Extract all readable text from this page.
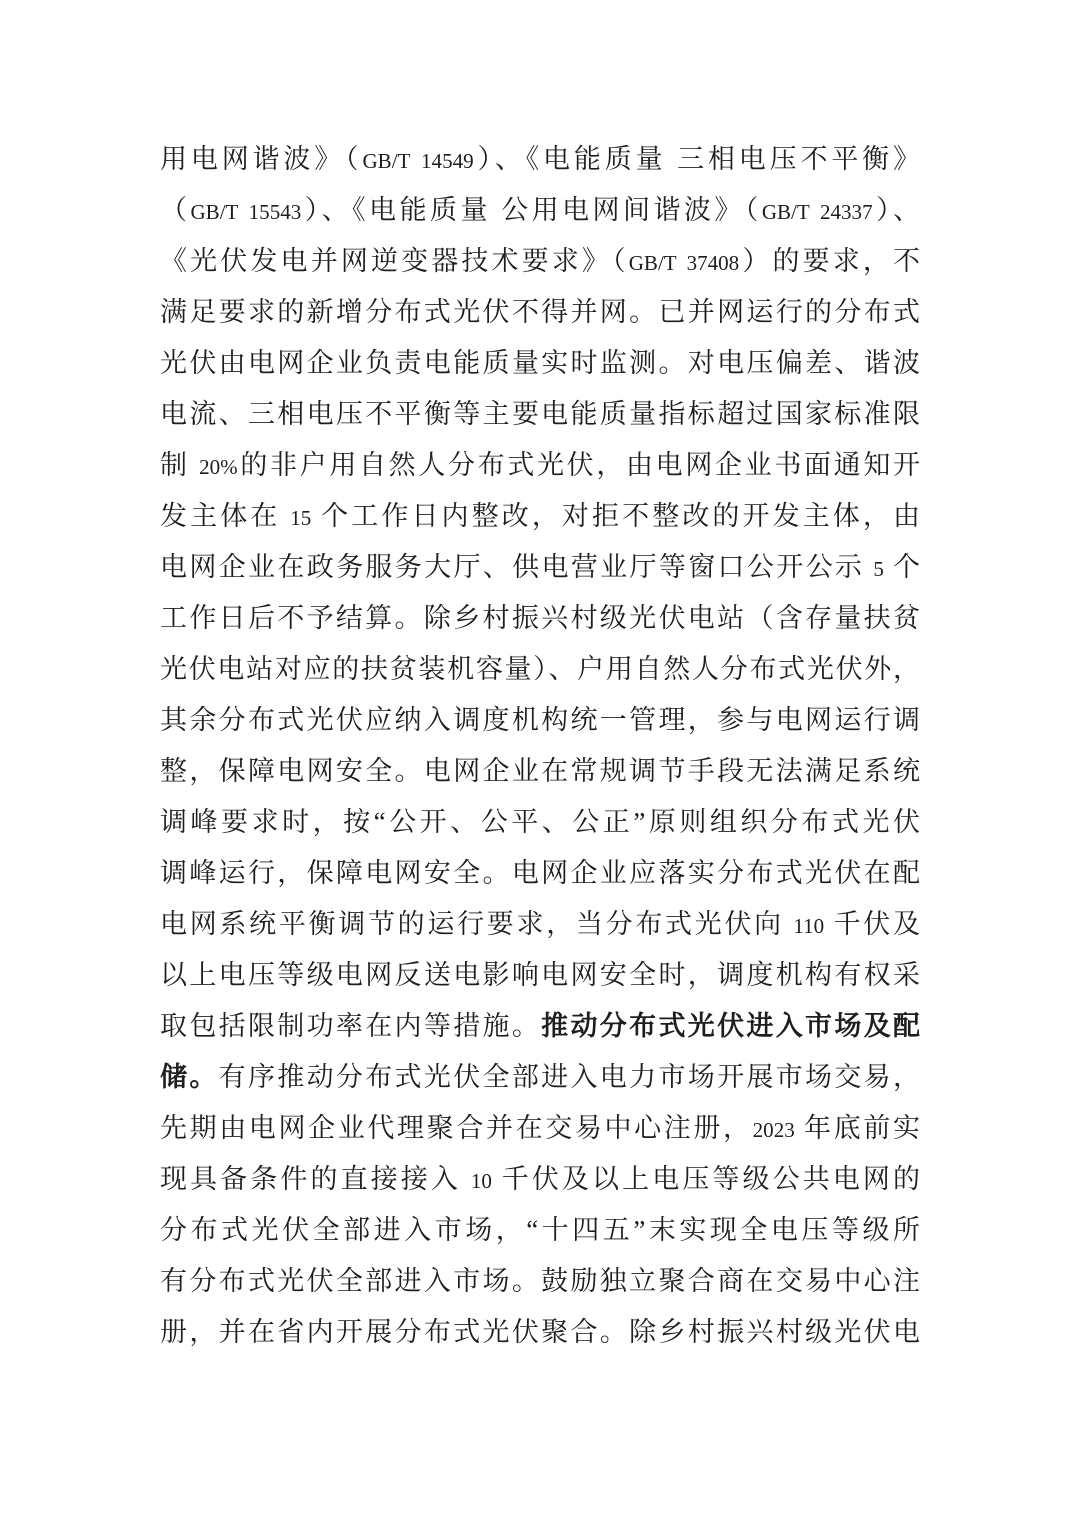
用电网谐波》（GB/T 14549）、《电能质量 三相电压不平衡》
（GB/T 15543）、《电能质量 公用电网间谐波》（GB/T 24337）、
《光伏发电并网逆变器技术要求》（GB/T 37408）的要求，不
满足要求的新增分布式光伏不得并网。已并网运行的分布式
光伏由电网企业负责电能质量实时监测。对电压偏差、谐波
电流、三相电压不平衡等主要电能质量指标超过国家标准限
制 20%的非户用自然人分布式光伏，由电网企业书面通知开
发主体在 15 个工作日内整改，对拒不整改的开发主体，由
电网企业在政务服务大厅、供电营业厅等窗口公开公示 5 个
工作日后不予结算。除乡村振兴村级光伏电站（含存量扶贫
光伏电站对应的扶贫装机容量）、户用自然人分布式光伏外，
其余分布式光伏应纳入调度机构统一管理，参与电网运行调
整，保障电网安全。电网企业在常规调节手段无法满足系统
调峰要求时，按“公开、公平、公正”原则组织分布式光伏
调峰运行，保障电网安全。电网企业应落实分布式光伏在配
电网系统平衡调节的运行要求，当分布式光伏向 110 千伏及
以上电压等级电网反送电影响电网安全时，调度机构有权采
取包括限制功率在内等措施。推动分布式光伏进入市场及配
储。有序推动分布式光伏全部进入电力市场开展市场交易，
先期由电网企业代理聚合并在交易中心注册，2023 年底前实
现具备条件的直接接入 10 千伏及以上电压等级公共电网的
分布式光伏全部进入市场，“十四五”末实现全电压等级所
有分布式光伏全部进入市场。鼓励独立聚合商在交易中心注
册，并在省内开展分布式光伏聚合。除乡村振兴村级光伏电
